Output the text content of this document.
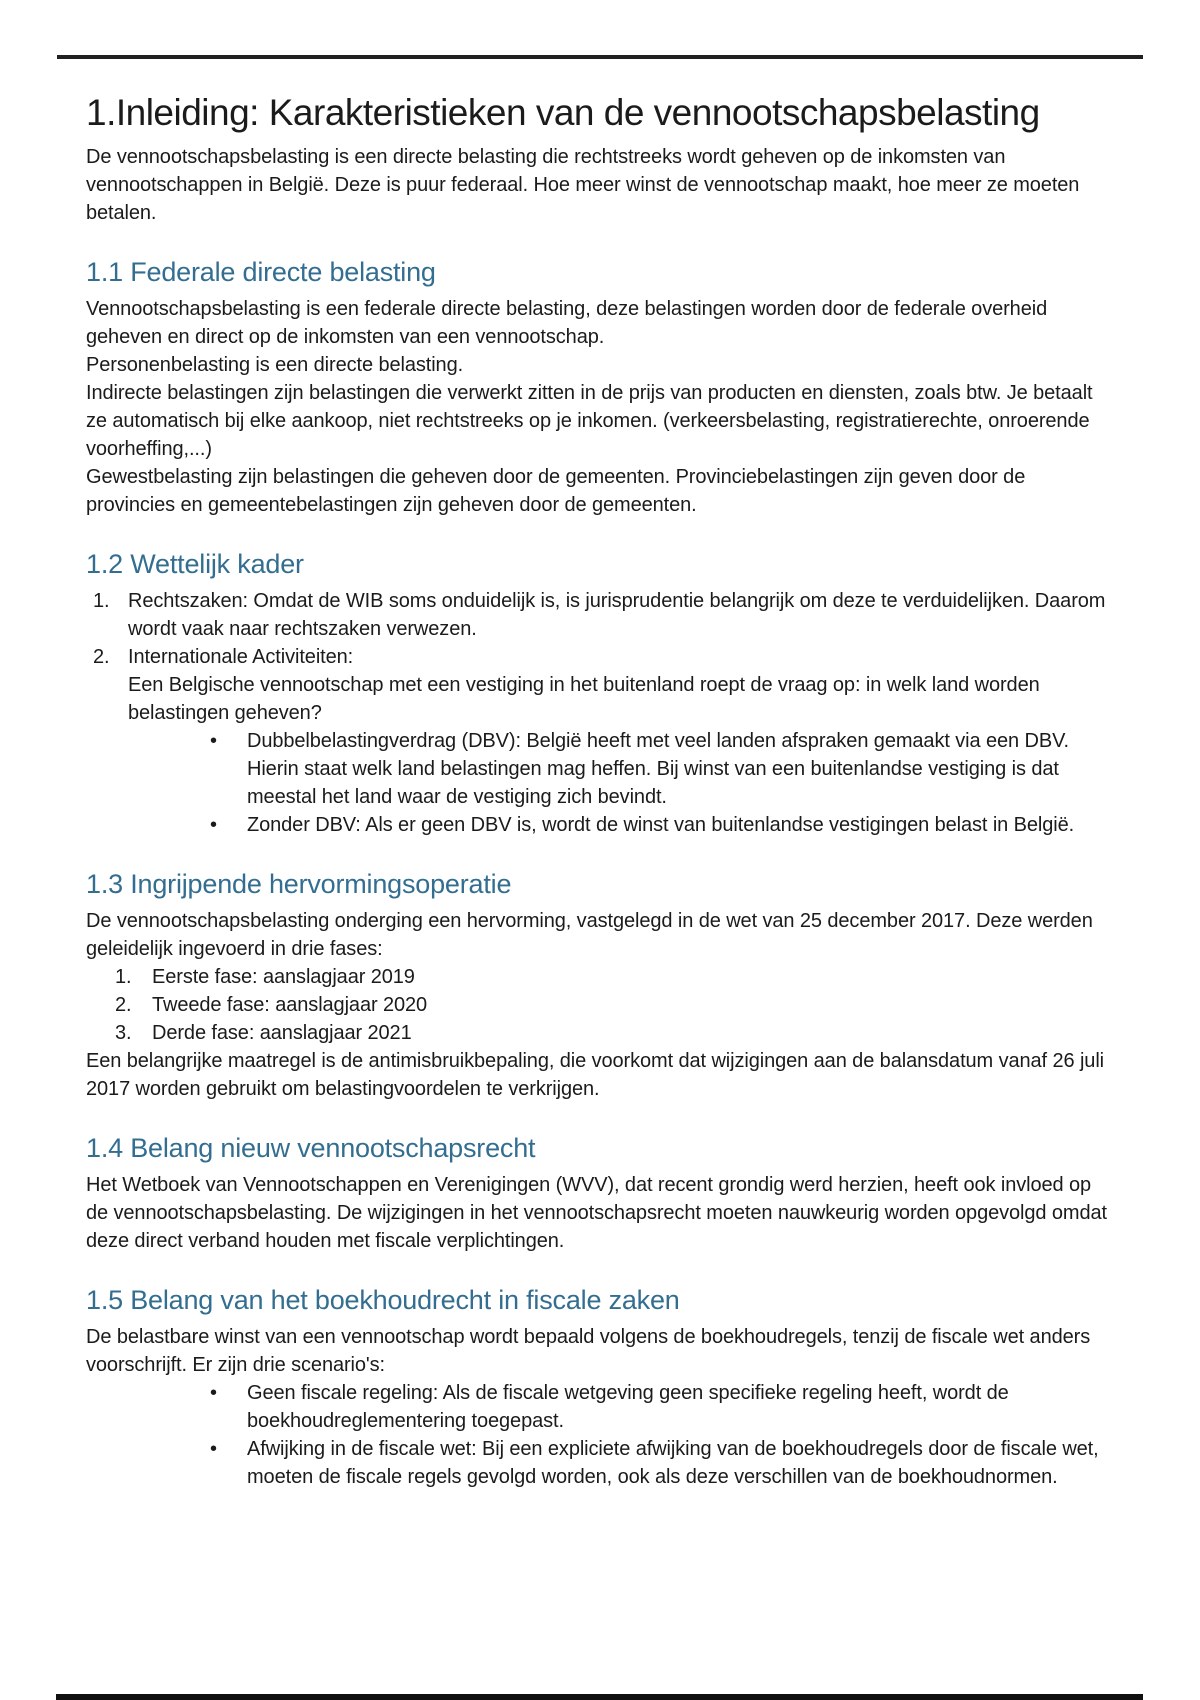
1.Inleiding: Karakteristieken van de vennootschapsbelasting

De vennootschapsbelasting is een directe belasting die rechtstreeks wordt geheven op de inkomsten van vennootschappen in België. Deze is puur federaal. Hoe meer winst de vennootschap maakt, hoe meer ze moeten betalen.

1.1 Federale directe belasting

Vennootschapsbelasting is een federale directe belasting, deze belastingen worden door de federale overheid geheven en direct op de inkomsten van een vennootschap.

Personenbelasting is een directe belasting.

Indirecte belastingen zijn belastingen die verwerkt zitten in de prijs van producten en diensten, zoals btw. Je betaalt ze automatisch bij elke aankoop, niet rechtstreeks op je inkomen. (verkeersbelasting, registratierechte, onroerende voorheffing,...)

Gewestbelasting zijn belastingen die geheven door de gemeenten. Provinciebelastingen zijn geven door de provincies en gemeentebelastingen zijn geheven door de gemeenten.

1.2 Wettelijk kader
1. Rechtszaken: Omdat de WIB soms onduidelijk is, is jurisprudentie belangrijk om deze te verduidelijken. Daarom wordt vaak naar rechtszaken verwezen.
2. Internationale Activiteiten:
Een Belgische vennootschap met een vestiging in het buitenland roept de vraag op: in welk land worden belastingen geheven?
•	Dubbelbelastingverdrag (DBV): België heeft met veel landen afspraken gemaakt via een DBV. Hierin staat welk land belastingen mag heffen. Bij winst van een buitenlandse vestiging is dat meestal het land waar de vestiging zich bevindt.
•	Zonder DBV: Als er geen DBV is, wordt de winst van buitenlandse vestigingen belast in België.
1.3 Ingrijpende hervormingsoperatie

De vennootschapsbelasting onderging een hervorming, vastgelegd in de wet van 25 december 2017. Deze werden geleidelijk ingevoerd in drie fases:

1.	Eerste fase: aanslagjaar 2019
2.	Tweede fase: aanslagjaar 2020
3.	Derde fase: aanslagjaar 2021

Een belangrijke maatregel is de antimisbruikbepaling, die voorkomt dat wijzigingen aan de balansdatum vanaf 26 juli 2017 worden gebruikt om belastingvoordelen te verkrijgen.

1.4 Belang nieuw vennootschapsrecht

Het Wetboek van Vennootschappen en Verenigingen (WVV), dat recent grondig werd herzien, heeft ook invloed op de vennootschapsbelasting. De wijzigingen in het vennootschapsrecht moeten nauwkeurig worden opgevolgd omdat deze direct verband houden met fiscale verplichtingen.

1.5 Belang van het boekhoudrecht in fiscale zaken

De belastbare winst van een vennootschap wordt bepaald volgens de boekhoudregels, tenzij de fiscale wet anders voorschrijft. Er zijn drie scenario's:

•	Geen fiscale regeling: Als de fiscale wetgeving geen specifieke regeling heeft, wordt de boekhoudreglementering toegepast.
•	Afwijking in de fiscale wet: Bij een expliciete afwijking van de boekhoudregels door de fiscale wet, moeten de fiscale regels gevolgd worden, ook als deze verschillen van de boekhoudnormen.
